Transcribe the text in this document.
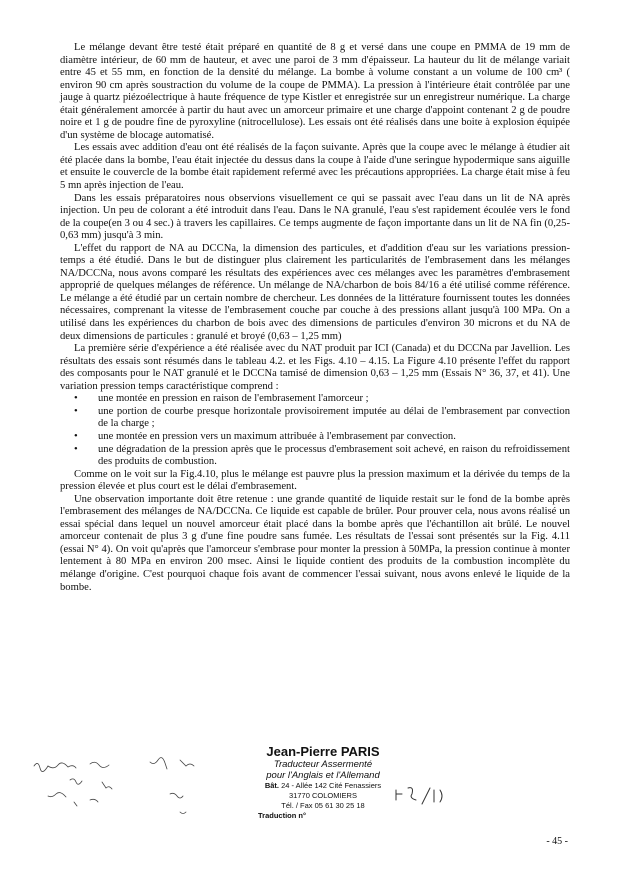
Le mélange devant être testé était préparé en quantité de 8 g et versé dans une coupe en PMMA de 19 mm de diamètre intérieur, de 60 mm de hauteur, et avec une paroi de 3 mm d'épaisseur. La hauteur du lit de mélange variait entre 45 et 55 mm, en fonction de la densité du mélange. La bombe à volume constant a un volume de 100 cm³ ( environ 90 cm après soustraction du volume de la coupe de PMMA). La pression à l'intérieure était contrôlée par une jauge à quartz piézoélectrique à haute fréquence de type Kistler et enregistrée sur un enregistreur numérique. La charge était généralement amorcée à partir du haut avec un amorceur primaire et une charge d'appoint contenant 2 g de poudre noire et 1 g de poudre fine de pyroxyline (nitrocellulose). Les essais ont été réalisés dans une boite à explosion équipée d'un système de blocage automatisé.

Les essais avec addition d'eau ont été réalisés de la façon suivante. Après que la coupe avec le mélange à étudier ait été placée dans la bombe, l'eau était injectée du dessus dans la coupe à l'aide d'une seringue hypodermique sans aiguille et ensuite le couvercle de la bombe était rapidement refermé avec les précautions appropriées. La charge était mise à feu 5 mn après injection de l'eau.

Dans les essais préparatoires nous observions visuellement ce qui se passait avec l'eau dans un lit de NA après injection. Un peu de colorant a été introduit dans l'eau. Dans le NA granulé, l'eau s'est rapidement écoulée vers le fond de la coupe(en 3 ou 4 sec.) à travers les capillaires. Ce temps augmente de façon importante dans un lit de NA fin (0,25-0,63 mm) jusqu'à 3 min.

L'effet du rapport de NA au DCCNa, la dimension des particules, et d'addition d'eau sur les variations pression-temps a été étudié. Dans le but de distinguer plus clairement les particularités de l'embrasement dans les mélanges NA/DCCNa, nous avons comparé les résultats des expériences avec ces mélanges avec les paramètres d'embrasement approprié de quelques mélanges de référence. Un mélange de NA/charbon de bois 84/16 a été utilisé comme référence. Le mélange a été étudié par un certain nombre de chercheur. Les données de la littérature fournissent toutes les données nécessaires, comprenant la vitesse de l'embrasement couche par couche à des pressions allant jusqu'à 100 MPa. On a utilisé dans les expériences du charbon de bois avec des dimensions de particules d'environ 30 microns et du NA de deux dimensions de particules : granulé et broyé (0,63 – 1,25 mm)

La première série d'expérience a été réalisée avec du NAT produit par ICI (Canada) et du DCCNa par Javellion. Les résultats des essais sont résumés dans le tableau 4.2. et les Figs. 4.10 – 4.15. La Figure 4.10 présente l'effet du rapport des composants pour le NAT granulé et le DCCNa tamisé de dimension 0,63 – 1,25 mm (Essais N° 36, 37, et 41). Une variation pression temps caractéristique comprend :

• une montée en pression en raison de l'embrasement l'amorceur ;
• une portion de courbe presque horizontale provisoirement imputée au délai de l'embrasement par convection de la charge ;
• une montée en pression vers un maximum attribuée à l'embrasement par convection.
• une dégradation de la pression après que le processus d'embrasement soit achevé, en raison du refroidissement des produits de combustion.

Comme on le voit sur la Fig.4.10, plus le mélange est pauvre plus la pression maximum et la dérivée du temps de la pression élevée et plus court est le délai d'embrasement.

Une observation importante doit être retenue : une grande quantité de liquide restait sur le fond de la bombe après l'embrasement des mélanges de NA/DCCNa. Ce liquide est capable de brûler. Pour prouver cela, nous avons réalisé un essai spécial dans lequel un nouvel amorceur était placé dans la bombe après que l'échantillon ait brûlé. Le nouvel amorceur contenait de plus 3 g d'une fine poudre sans fumée. Les résultats de l'essai sont présentés sur la Fig. 4.11 (essai N° 4). On voit qu'après que l'amorceur s'embrase pour monter la pression à 50MPa, la pression continue à monter lentement à 80 MPa en environ 200 msec. Ainsi le liquide contient des produits de la combustion incomplète du mélange d'origine. C'est pourquoi chaque fois avant de commencer l'essai suivant, nous avons enlevé le liquide de la bombe.

Jean-Pierre PARIS
Traducteur Assermenté
pour l'Anglais et l'Allemand
Bât. 24 - Allée 142 Cité Fenassiers
31770 COLOMIERS
Tél. / Fax 05 61 30 25 18
Traduction n°
- 45 -
